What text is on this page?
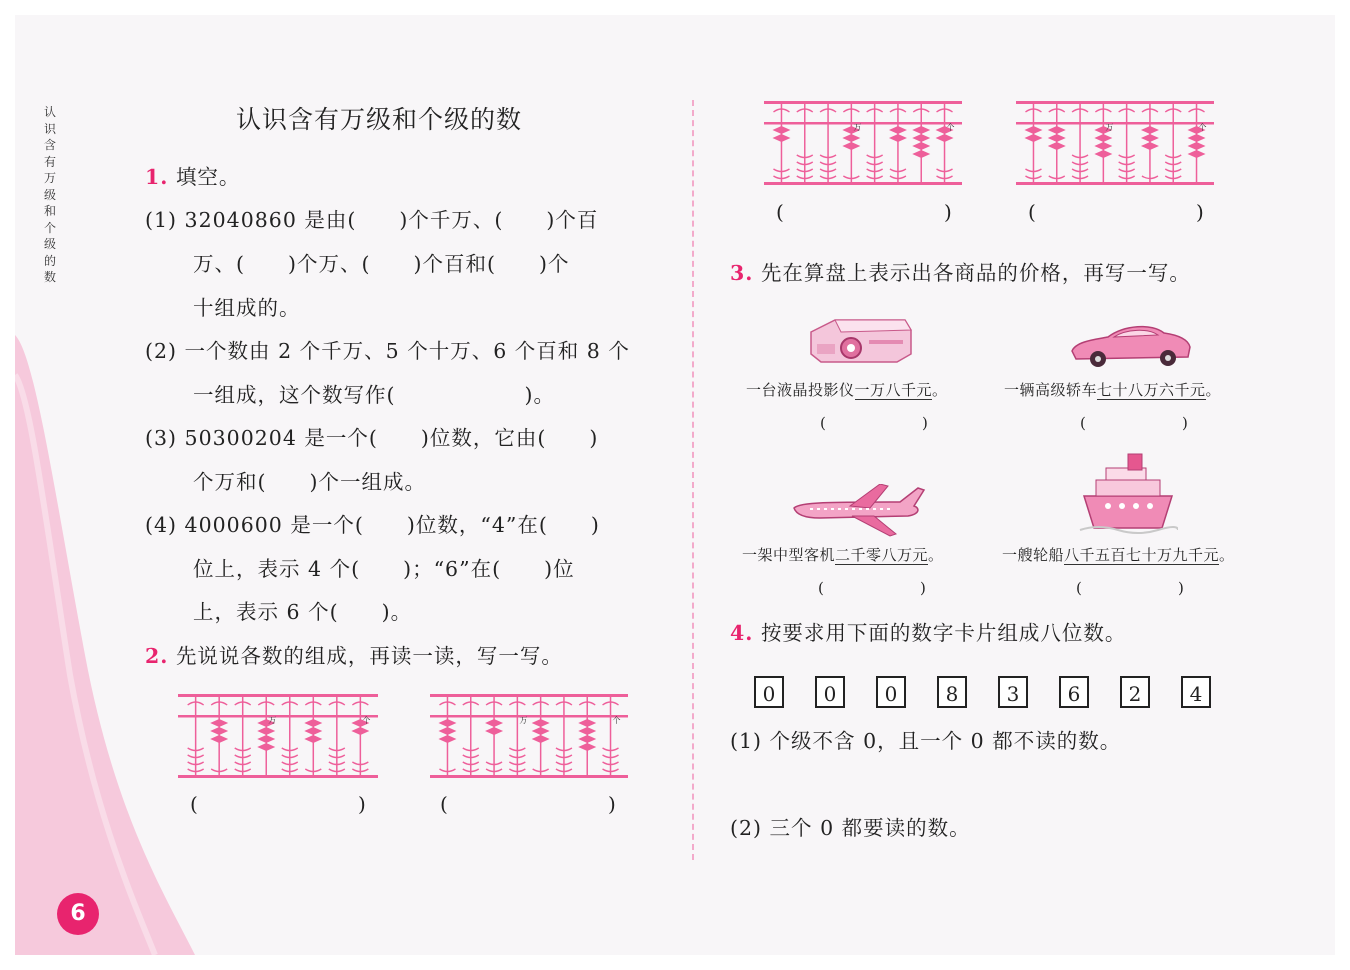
认识含有万级和个级的数
6
认识含有万级和个级的数
1. 填空。
(1) 32040860 是由(　　)个千万、(　　)个百
万、(　　)个万、(　　)个百和(　　)个
十组成的。
(2) 一个数由 2 个千万、5 个十万、6 个百和 8 个
一组成，这个数写作(　　　　　　)。
(3) 50300204 是一个(　　)位数，它由(　　)
个万和(　　)个一组成。
(4) 4000600 是一个(　　)位数，“4”在(　　)
位上，表示 4 个(　　)；“6”在(　　)位
上，表示 6 个(　　)。
2. 先说说各数的组成，再读一读，写一写。
万	个	万	个
万	个	万	个
(	)	(	)
(	)	(	)
3. 先在算盘上表示出各商品的价格，再写一写。
一台液晶投影仪一万八千元。	一辆高级轿车七十八万六千元。
一架中型客机二千零八万元。	一艘轮船八千五百七十万九千元。
(	)	(	)
(	)	(	)
4. 按要求用下面的数字卡片组成八位数。
0	0	0	8	3	6	2	4
(1) 个级不含 0，且一个 0 都不读的数。
(2) 三个 0 都要读的数。
